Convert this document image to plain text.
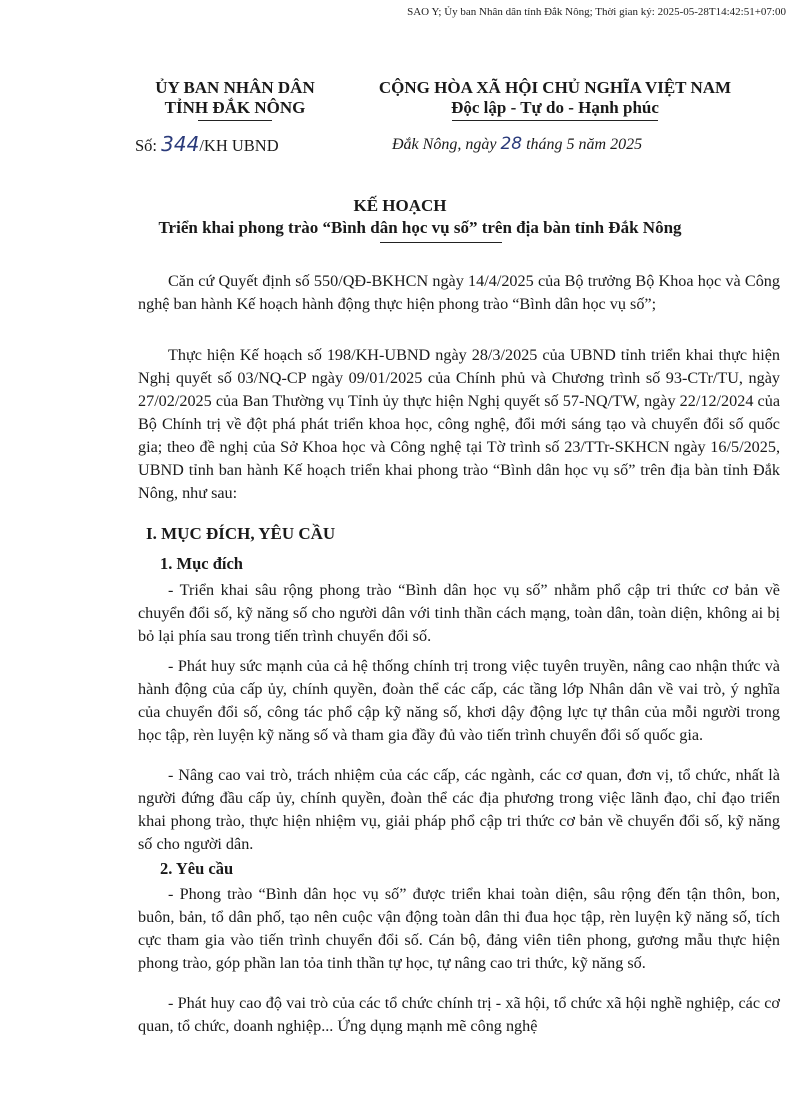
SAO Y; Ủy ban Nhân dân tỉnh Đắk Nông; Thời gian ký: 2025-05-28T14:42:51+07:00
ỦY BAN NHÂN DÂN
TỈNH ĐẮK NÔNG
CỘNG HÒA XÃ HỘI CHỦ NGHĨA VIỆT NAM
Độc lập - Tự do - Hạnh phúc
Số: 344/KH UBND	Đắk Nông, ngày 28 tháng 5 năm 2025
KẾ HOẠCH
Triển khai phong trào “Bình dân học vụ số” trên địa bàn tỉnh Đắk Nông
Căn cứ Quyết định số 550/QĐ-BKHCN ngày 14/4/2025 của Bộ trưởng Bộ Khoa học và Công nghệ ban hành Kế hoạch hành động thực hiện phong trào “Bình dân học vụ số”;
Thực hiện Kế hoạch số 198/KH-UBND ngày 28/3/2025 của UBND tỉnh triển khai thực hiện Nghị quyết số 03/NQ-CP ngày 09/01/2025 của Chính phủ và Chương trình số 93-CTr/TU, ngày 27/02/2025 của Ban Thường vụ Tỉnh ủy thực hiện Nghị quyết số 57-NQ/TW, ngày 22/12/2024 của Bộ Chính trị về đột phá phát triển khoa học, công nghệ, đổi mới sáng tạo và chuyển đổi số quốc gia; theo đề nghị của Sở Khoa học và Công nghệ tại Tờ trình số 23/TTr-SKHCN ngày 16/5/2025, UBND tỉnh ban hành Kế hoạch triển khai phong trào “Bình dân học vụ số” trên địa bàn tỉnh Đắk Nông, như sau:
I. MỤC ĐÍCH, YÊU CẦU
1. Mục đích
- Triển khai sâu rộng phong trào “Bình dân học vụ số” nhằm phổ cập tri thức cơ bản về chuyển đổi số, kỹ năng số cho người dân với tinh thần cách mạng, toàn dân, toàn diện, không ai bị bỏ lại phía sau trong tiến trình chuyển đổi số.
- Phát huy sức mạnh của cả hệ thống chính trị trong việc tuyên truyền, nâng cao nhận thức và hành động của cấp ủy, chính quyền, đoàn thể các cấp, các tầng lớp Nhân dân về vai trò, ý nghĩa của chuyển đổi số, công tác phổ cập kỹ năng số, khơi dậy động lực tự thân của mỗi người trong học tập, rèn luyện kỹ năng số và tham gia đầy đủ vào tiến trình chuyển đổi số quốc gia.
- Nâng cao vai trò, trách nhiệm của các cấp, các ngành, các cơ quan, đơn vị, tổ chức, nhất là người đứng đầu cấp ủy, chính quyền, đoàn thể các địa phương trong việc lãnh đạo, chỉ đạo triển khai phong trào, thực hiện nhiệm vụ, giải pháp phổ cập tri thức cơ bản về chuyển đổi số, kỹ năng số cho người dân.
2. Yêu cầu
- Phong trào “Bình dân học vụ số” được triển khai toàn diện, sâu rộng đến tận thôn, bon, buôn, bản, tổ dân phố, tạo nên cuộc vận động toàn dân thi đua học tập, rèn luyện kỹ năng số, tích cực tham gia vào tiến trình chuyển đổi số. Cán bộ, đảng viên tiên phong, gương mẫu thực hiện phong trào, góp phần lan tỏa tinh thần tự học, tự nâng cao tri thức, kỹ năng số.
- Phát huy cao độ vai trò của các tổ chức chính trị - xã hội, tổ chức xã hội nghề nghiệp, các cơ quan, tổ chức, doanh nghiệp... Ứng dụng mạnh mẽ công nghệ
